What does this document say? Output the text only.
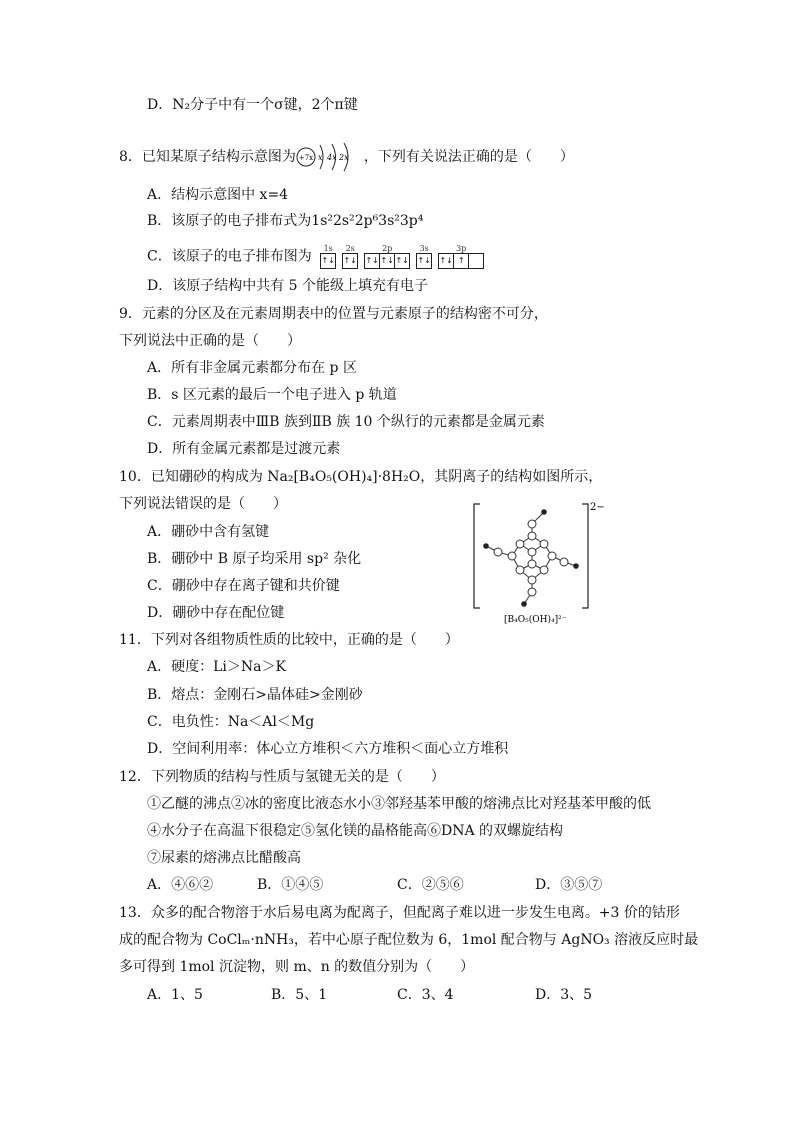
D．N₂分子中有一个σ键，2个π键
8．已知某原子结构示意图为 +7x x 4x 2x ，下列有关说法正确的是（　　）
A．结构示意图中 x=4
B．该原子的电子排布式为1s²2s²2p⁶3s²3p⁴
C．该原子的电子排布图为 1s
↑↓
2s
↑↓
2p
↑↓ ↑↓ ↑↓
3s
↑↓
3p
↑↓ ↑
D．该原子结构中共有 5 个能级上填充有电子
9．元素的分区及在元素周期表中的位置与元素原子的结构密不可分，
下列说法中正确的是（　　）
A．所有非金属元素都分布在 p 区
B．s 区元素的最后一个电子进入 p 轨道
C．元素周期表中ⅢB 族到ⅡB 族 10 个纵行的元素都是金属元素
D．所有金属元素都是过渡元素
10．已知硼砂的构成为 Na₂[B₄O₅(OH)₄]·8H₂O，其阴离子的结构如图所示，
下列说法错误的是（　　）
A．硼砂中含有氢键
B．硼砂中 B 原子均采用 sp² 杂化
C．硼砂中存在离子键和共价键
D．硼砂中存在配位键
2−
[B₄O₅(OH)₄]²⁻
11．下列对各组物质性质的比较中，正确的是（　　）
A．硬度：Li＞Na＞K
B．熔点：金刚石>晶体硅>金刚砂
C．电负性：Na＜Al＜Mg
D．空间利用率：体心立方堆积＜六方堆积＜面心立方堆积
12．下列物质的结构与性质与氢键无关的是（　　）
①乙醚的沸点②冰的密度比液态水小③邻羟基苯甲酸的熔沸点比对羟基苯甲酸的低
④水分子在高温下很稳定⑤氢化镁的晶格能高⑥DNA 的双螺旋结构
⑦尿素的熔沸点比醋酸高
A．④⑥②	B．①④⑤	C．②⑤⑥	D．③⑤⑦
13．众多的配合物溶于水后易电离为配离子，但配离子难以进一步发生电离。+3 价的钴形
成的配合物为 CoClₘ·nNH₃，若中心原子配位数为 6，1mol 配合物与 AgNO₃ 溶液反应时最
多可得到 1mol 沉淀物，则 m、n 的数值分别为（　　）
A．1、5	B．5、1	C．3、4	D．3、5
